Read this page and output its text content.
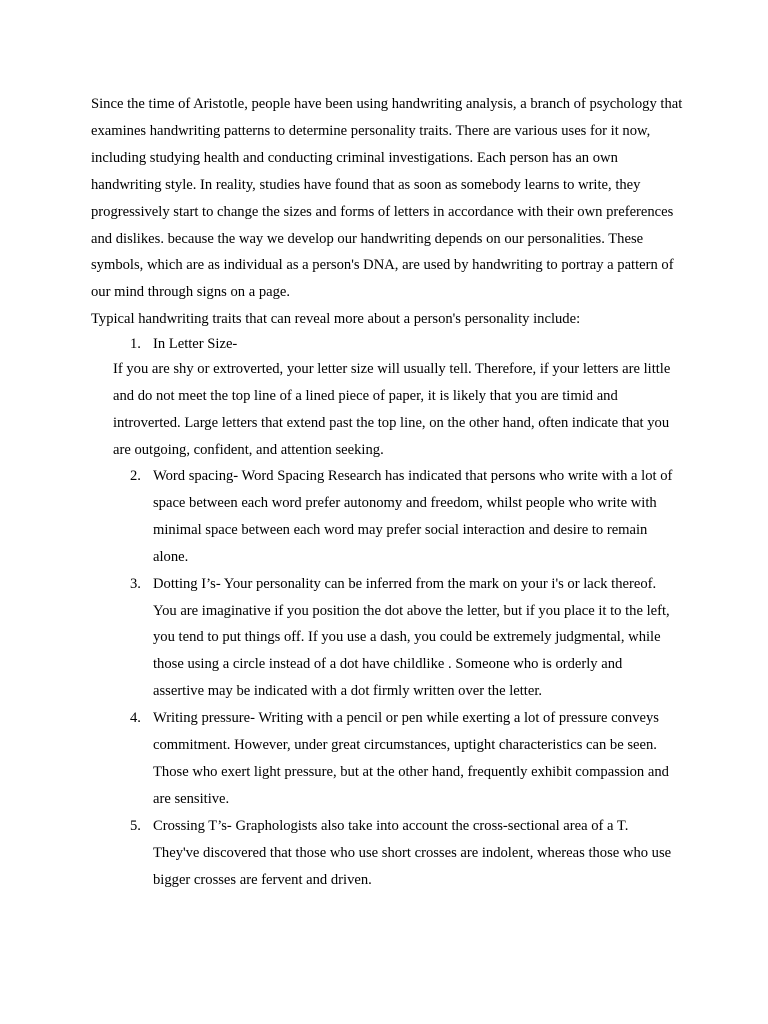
Since the time of Aristotle, people have been using handwriting analysis, a branch of psychology that examines handwriting patterns to determine personality traits. There are various uses for it now, including studying health and conducting criminal investigations. Each person has an own handwriting style. In reality, studies have found that as soon as somebody learns to write, they progressively start to change the sizes and forms of letters in accordance with their own preferences and dislikes. because the way we develop our handwriting depends on our personalities. These symbols, which are as individual as a person's DNA, are used by handwriting to portray a pattern of our mind through signs on a page.

Typical handwriting traits that can reveal more about a person's personality include:

1. In Letter Size-

If you are shy or extroverted, your letter size will usually tell. Therefore, if your letters are little and do not meet the top line of a lined piece of paper, it is likely that you are timid and introverted. Large letters that extend past the top line, on the other hand, often indicate that you are outgoing, confident, and attention seeking.

2. Word spacing- Word Spacing Research has indicated that persons who write with a lot of space between each word prefer autonomy and freedom, whilst people who write with minimal space between each word may prefer social interaction and desire to remain alone.
3. Dotting I’s- Your personality can be inferred from the mark on your i's or lack thereof. You are imaginative if you position the dot above the letter, but if you place it to the left, you tend to put things off. If you use a dash, you could be extremely judgmental, while those using a circle instead of a dot have childlike . Someone who is orderly and assertive may be indicated with a dot firmly written over the letter.
4. Writing pressure- Writing with a pencil or pen while exerting a lot of pressure conveys commitment. However, under great circumstances, uptight characteristics can be seen. Those who exert light pressure, but at the other hand, frequently exhibit compassion and are sensitive.
5. Crossing T’s- Graphologists also take into account the cross-sectional area of a T. They've discovered that those who use short crosses are indolent, whereas those who use bigger crosses are fervent and driven.
